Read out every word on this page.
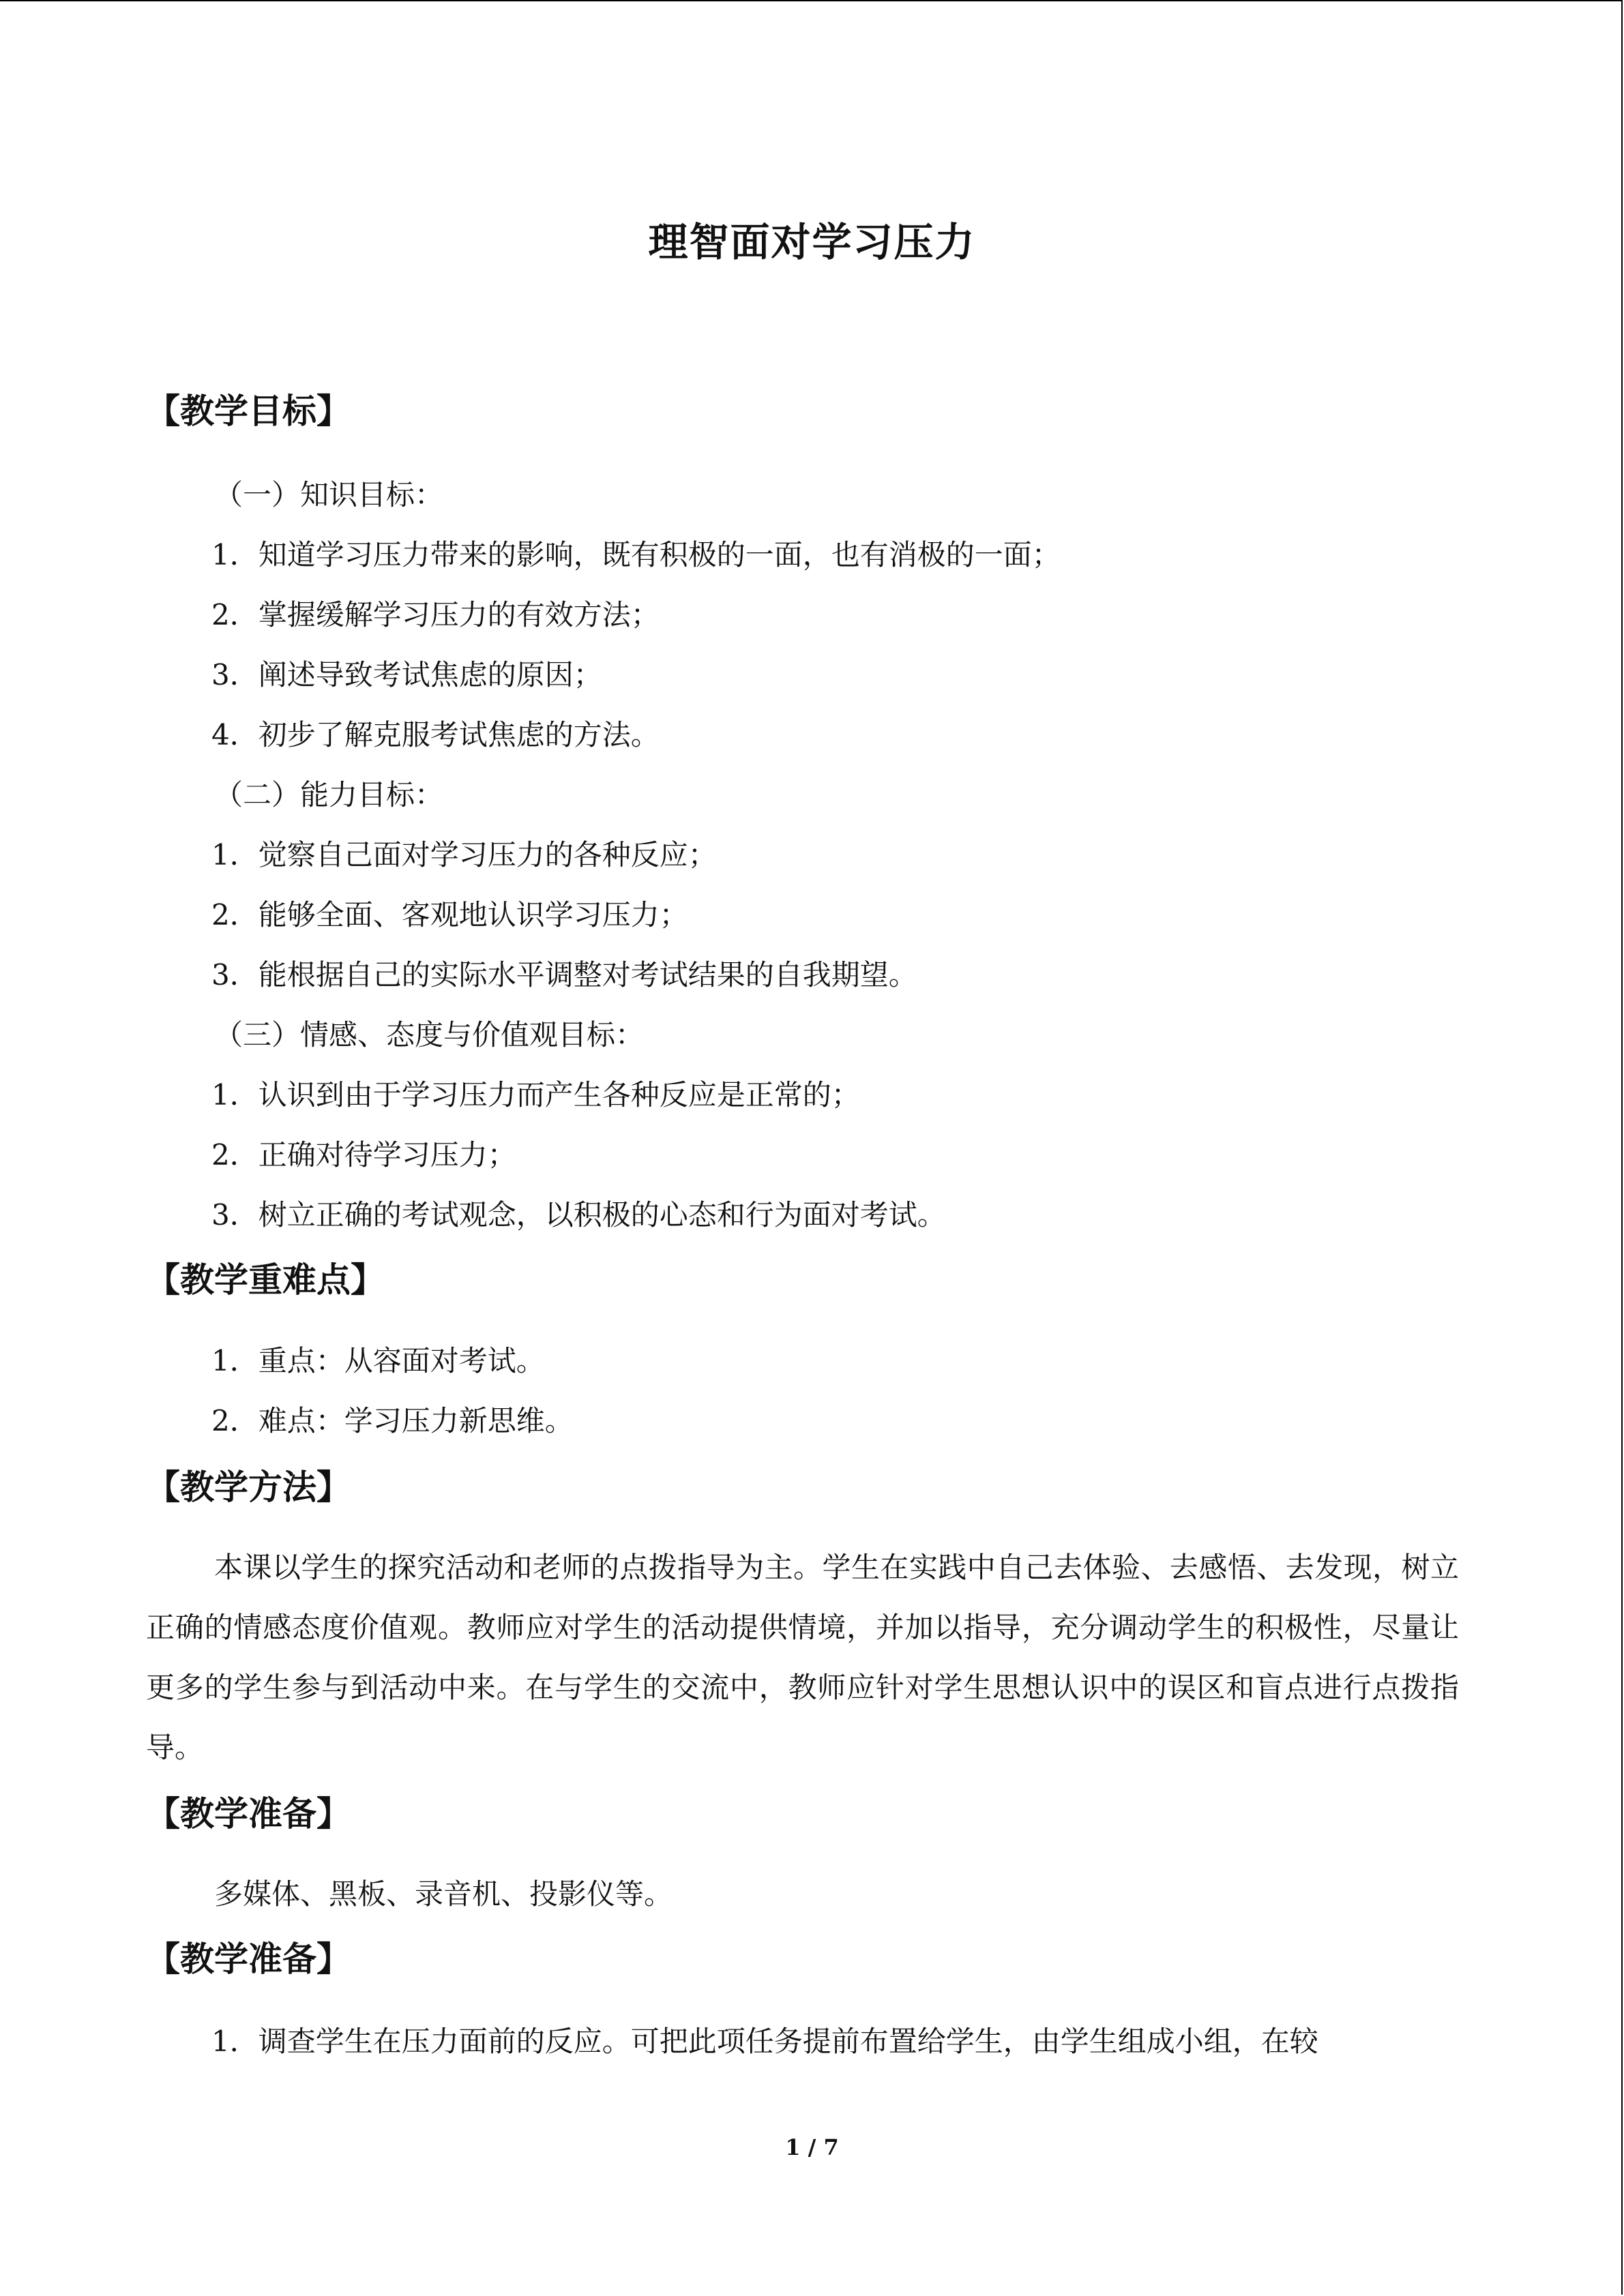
理智面对学习压力
【教学目标】
（一）知识目标：
1．知道学习压力带来的影响，既有积极的一面，也有消极的一面；
2．掌握缓解学习压力的有效方法；
3．阐述导致考试焦虑的原因；
4．初步了解克服考试焦虑的方法。
（二）能力目标：
1．觉察自己面对学习压力的各种反应；
2．能够全面、客观地认识学习压力；
3．能根据自己的实际水平调整对考试结果的自我期望。
（三）情感、态度与价值观目标：
1．认识到由于学习压力而产生各种反应是正常的；
2．正确对待学习压力；
3．树立正确的考试观念，以积极的心态和行为面对考试。
【教学重难点】
1．重点：从容面对考试。
2．难点：学习压力新思维。
【教学方法】
本课以学生的探究活动和老师的点拨指导为主。学生在实践中自己去体验、去感悟、去发现，树立正确的情感态度价值观。教师应对学生的活动提供情境，并加以指导，充分调动学生的积极性，尽量让更多的学生参与到活动中来。在与学生的交流中，教师应针对学生思想认识中的误区和盲点进行点拨指导。
【教学准备】
多媒体、黑板、录音机、投影仪等。
【教学准备】
1．调查学生在压力面前的反应。可把此项任务提前布置给学生，由学生组成小组，在较
1 / 7
